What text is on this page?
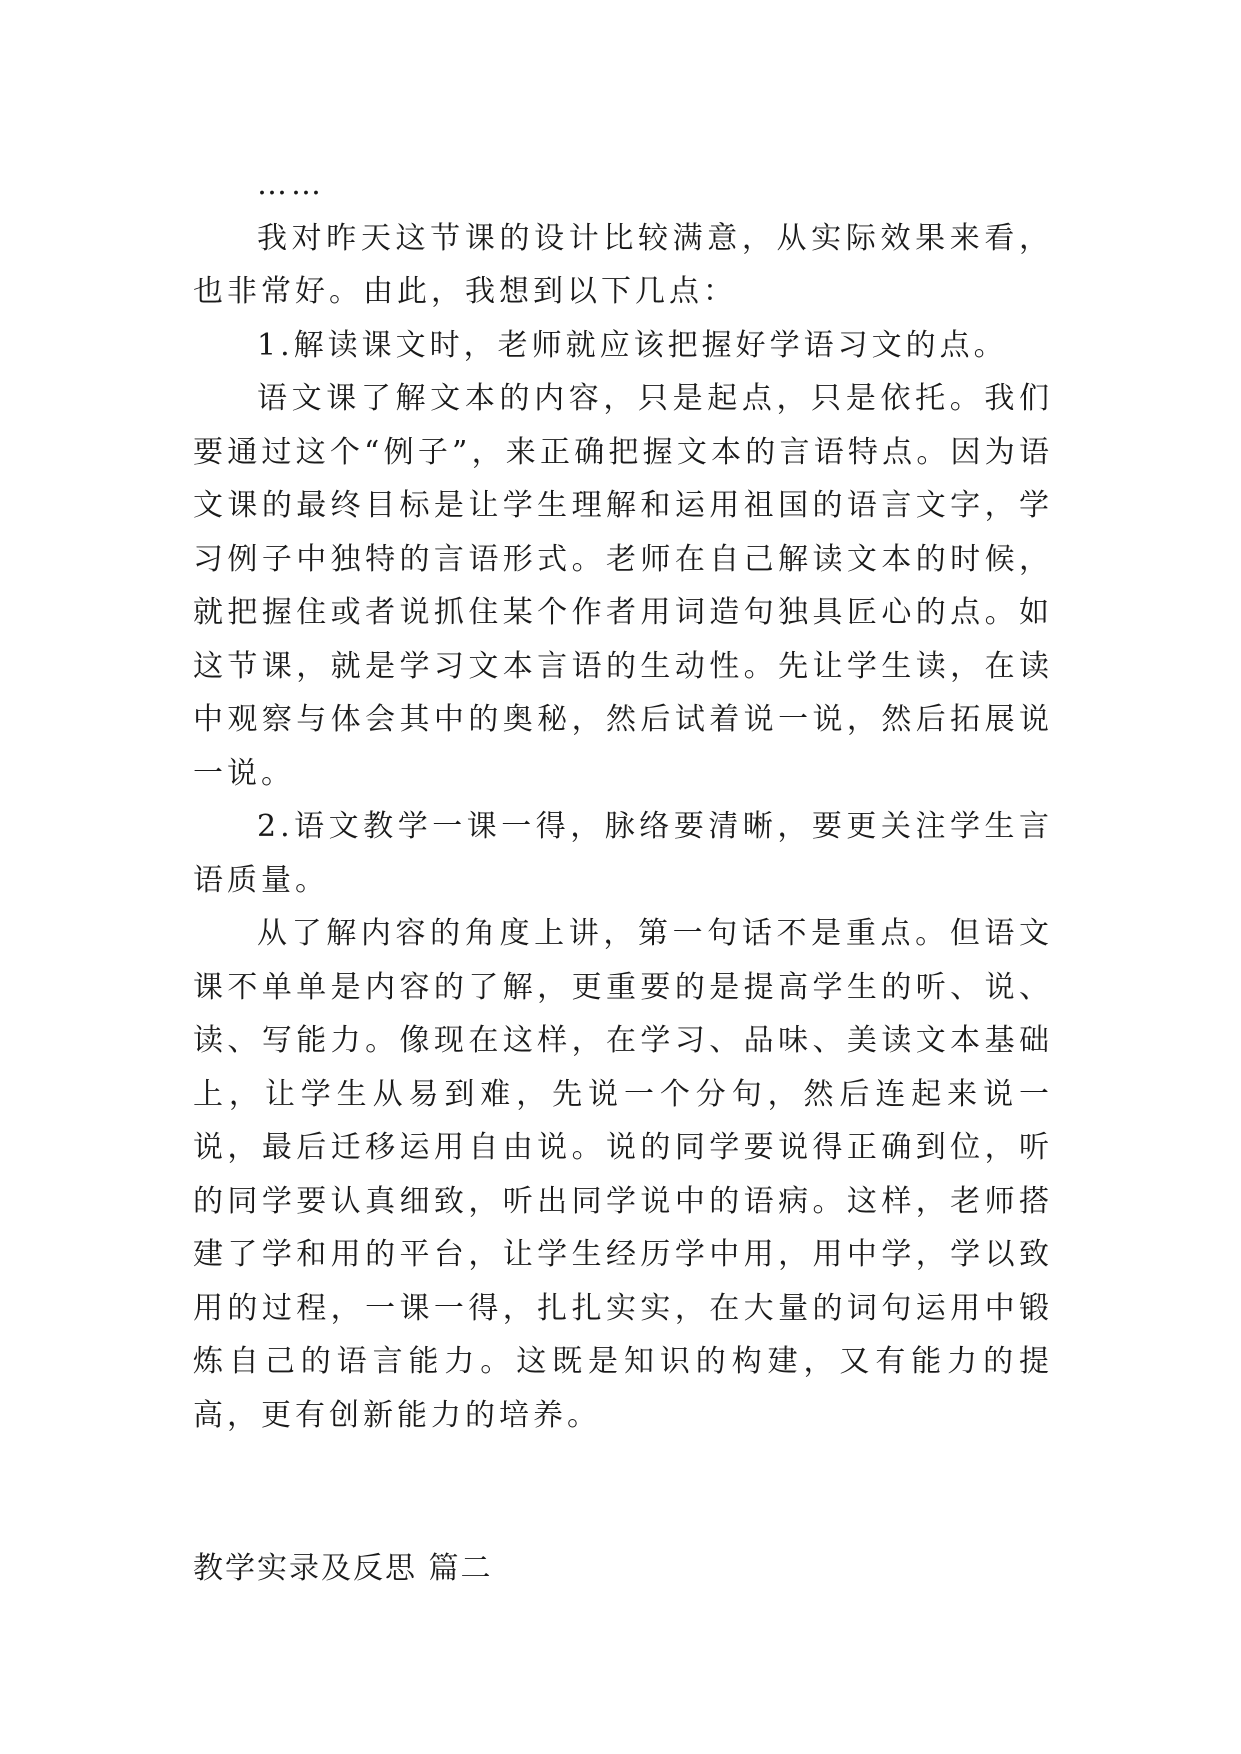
……

我对昨天这节课的设计比较满意，从实际效果来看，也非常好。由此，我想到以下几点：

1.解读课文时，老师就应该把握好学语习文的点。

语文课了解文本的内容，只是起点，只是依托。我们要通过这个“例子”，来正确把握文本的言语特点。因为语文课的最终目标是让学生理解和运用祖国的语言文字，学习例子中独特的言语形式。老师在自己解读文本的时候，就把握住或者说抓住某个作者用词造句独具匠心的点。如这节课，就是学习文本言语的生动性。先让学生读，在读中观察与体会其中的奥秘，然后试着说一说，然后拓展说一说。

2.语文教学一课一得，脉络要清晰，要更关注学生言语质量。

从了解内容的角度上讲，第一句话不是重点。但语文课不单单是内容的了解，更重要的是提高学生的听、说、读、写能力。像现在这样，在学习、品味、美读文本基础上，让学生从易到难，先说一个分句，然后连起来说一说，最后迁移运用自由说。说的同学要说得正确到位，听的同学要认真细致，听出同学说中的语病。这样，老师搭建了学和用的平台，让学生经历学中用，用中学，学以致用的过程，一课一得，扎扎实实，在大量的词句运用中锻炼自己的语言能力。这既是知识的构建，又有能力的提高，更有创新能力的培养。

教学实录及反思 篇二
